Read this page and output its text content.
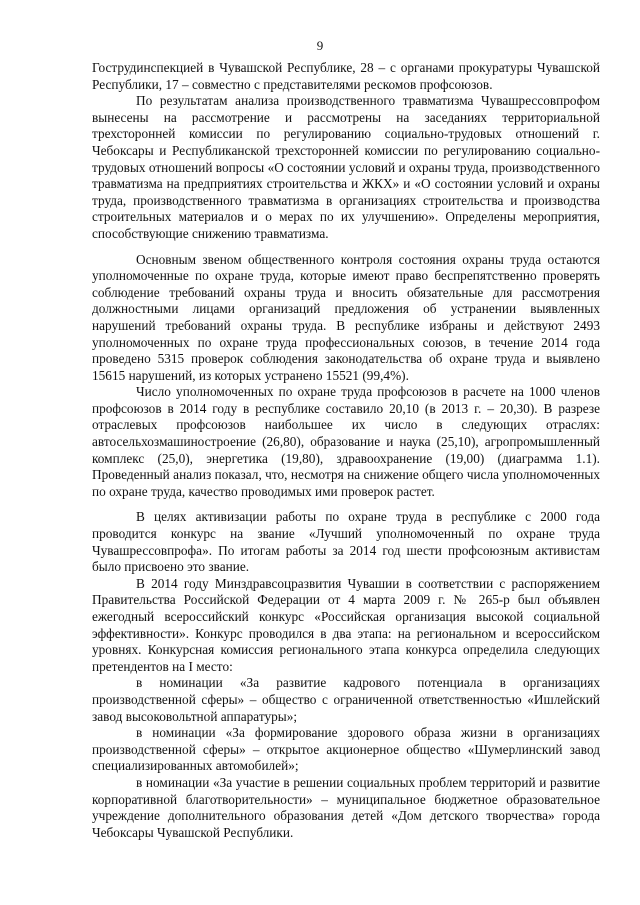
9

Гострудинспекцией в Чувашской Республике, 28 – с органами прокуратуры Чувашской Республики, 17 – совместно с представителями рескомов профсоюзов.

По результатам анализа производственного травматизма Чувашрессовпрофом вынесены на рассмотрение и рассмотрены на заседаниях территориальной трехсторонней комиссии по регулированию социально-трудовых отношений г. Чебоксары и Республиканской трехсторонней комиссии по регулированию социально-трудовых отношений вопросы «О состоянии условий и охраны труда, производственного травматизма на предприятиях строительства и ЖКХ» и «О состоянии условий и охраны труда, производственного травматизма в организациях строительства и производства строительных материалов и о мерах по их улучшению». Определены мероприятия, способствующие снижению травматизма.

Основным звеном общественного контроля состояния охраны труда остаются уполномоченные по охране труда, которые имеют право беспрепятственно проверять соблюдение требований охраны труда и вносить обязательные для рассмотрения должностными лицами организаций предложения об устранении выявленных нарушений требований охраны труда. В республике избраны и действуют 2493 уполномоченных по охране труда профессиональных союзов, в течение 2014 года проведено 5315 проверок соблюдения законодательства об охране труда и выявлено 15615 нарушений, из которых устранено 15521 (99,4%).

Число уполномоченных по охране труда профсоюзов в расчете на 1000 членов профсоюзов в 2014 году в республике составило 20,10 (в 2013 г. – 20,30). В разрезе отраслевых профсоюзов наибольшее их число в следующих отраслях: автосельхозмашиностроение (26,80), образование и наука (25,10), агропромышленный комплекс (25,0), энергетика (19,80), здравоохранение (19,00) (диаграмма 1.1). Проведенный анализ показал, что, несмотря на снижение общего числа уполномоченных по охране труда, качество проводимых ими проверок растет.

В целях активизации работы по охране труда в республике с 2000 года проводится конкурс на звание «Лучший уполномоченный по охране труда Чувашрессовпрофа». По итогам работы за 2014 год шести профсоюзным активистам было присвоено это звание.

В 2014 году Минздравсоцразвития Чувашии в соответствии с распоряжением Правительства Российской Федерации от 4 марта 2009 г. № 265-р был объявлен ежегодный всероссийский конкурс «Российская организация высокой социальной эффективности». Конкурс проводился в два этапа: на региональном и всероссийском уровнях. Конкурсная комиссия регионального этапа конкурса определила следующих претендентов на I место:

в номинации «За развитие кадрового потенциала в организациях производственной сферы» – общество с ограниченной ответственностью «Ишлейский завод высоковольтной аппаратуры»;

в номинации «За формирование здорового образа жизни в организациях производственной сферы» – открытое акционерное общество «Шумерлинский завод специализированных автомобилей»;

в номинации «За участие в решении социальных проблем территорий и развитие корпоративной благотворительности» – муниципальное бюджетное образовательное учреждение дополнительного образования детей «Дом детского творчества» города Чебоксары Чувашской Республики.
